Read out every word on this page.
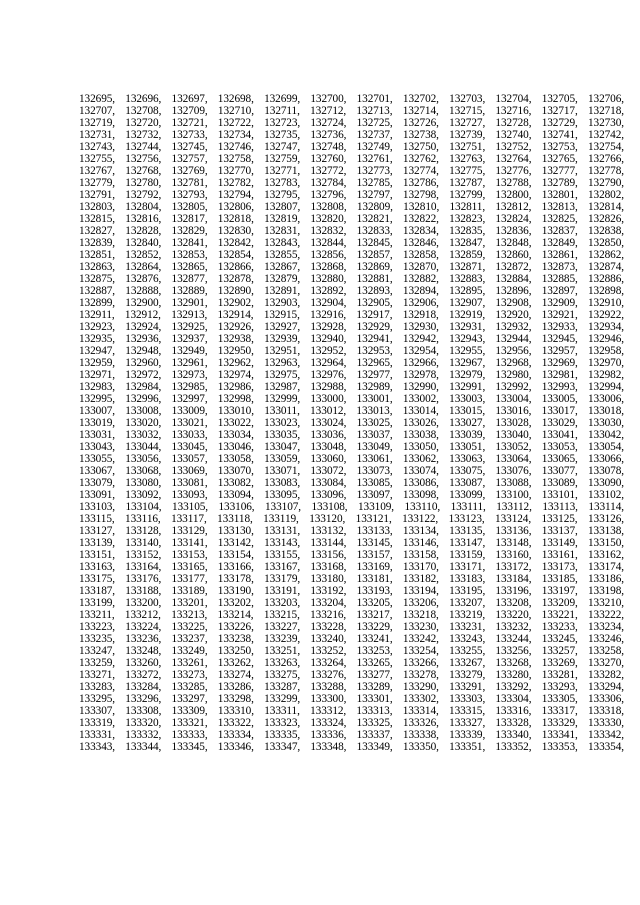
132695, 132696, 132697, 132698, 132699, 132700, 132701, 132702, 132703, 132704, 132705, 132706,
132707, 132708, 132709, 132710, 132711, 132712, 132713, 132714, 132715, 132716, 132717, 132718,
132719, 132720, 132721, 132722, 132723, 132724, 132725, 132726, 132727, 132728, 132729, 132730,
132731, 132732, 132733, 132734, 132735, 132736, 132737, 132738, 132739, 132740, 132741, 132742,
132743, 132744, 132745, 132746, 132747, 132748, 132749, 132750, 132751, 132752, 132753, 132754,
132755, 132756, 132757, 132758, 132759, 132760, 132761, 132762, 132763, 132764, 132765, 132766,
132767, 132768, 132769, 132770, 132771, 132772, 132773, 132774, 132775, 132776, 132777, 132778,
132779, 132780, 132781, 132782, 132783, 132784, 132785, 132786, 132787, 132788, 132789, 132790,
132791, 132792, 132793, 132794, 132795, 132796, 132797, 132798, 132799, 132800, 132801, 132802,
132803, 132804, 132805, 132806, 132807, 132808, 132809, 132810, 132811, 132812, 132813, 132814,
132815, 132816, 132817, 132818, 132819, 132820, 132821, 132822, 132823, 132824, 132825, 132826,
132827, 132828, 132829, 132830, 132831, 132832, 132833, 132834, 132835, 132836, 132837, 132838,
132839, 132840, 132841, 132842, 132843, 132844, 132845, 132846, 132847, 132848, 132849, 132850,
132851, 132852, 132853, 132854, 132855, 132856, 132857, 132858, 132859, 132860, 132861, 132862,
132863, 132864, 132865, 132866, 132867, 132868, 132869, 132870, 132871, 132872, 132873, 132874,
132875, 132876, 132877, 132878, 132879, 132880, 132881, 132882, 132883, 132884, 132885, 132886,
132887, 132888, 132889, 132890, 132891, 132892, 132893, 132894, 132895, 132896, 132897, 132898,
132899, 132900, 132901, 132902, 132903, 132904, 132905, 132906, 132907, 132908, 132909, 132910,
132911, 132912, 132913, 132914, 132915, 132916, 132917, 132918, 132919, 132920, 132921, 132922,
132923, 132924, 132925, 132926, 132927, 132928, 132929, 132930, 132931, 132932, 132933, 132934,
132935, 132936, 132937, 132938, 132939, 132940, 132941, 132942, 132943, 132944, 132945, 132946,
132947, 132948, 132949, 132950, 132951, 132952, 132953, 132954, 132955, 132956, 132957, 132958,
132959, 132960, 132961, 132962, 132963, 132964, 132965, 132966, 132967, 132968, 132969, 132970,
132971, 132972, 132973, 132974, 132975, 132976, 132977, 132978, 132979, 132980, 132981, 132982,
132983, 132984, 132985, 132986, 132987, 132988, 132989, 132990, 132991, 132992, 132993, 132994,
132995, 132996, 132997, 132998, 132999, 133000, 133001, 133002, 133003, 133004, 133005, 133006,
133007, 133008, 133009, 133010, 133011, 133012, 133013, 133014, 133015, 133016, 133017, 133018,
133019, 133020, 133021, 133022, 133023, 133024, 133025, 133026, 133027, 133028, 133029, 133030,
133031, 133032, 133033, 133034, 133035, 133036, 133037, 133038, 133039, 133040, 133041, 133042,
133043, 133044, 133045, 133046, 133047, 133048, 133049, 133050, 133051, 133052, 133053, 133054,
133055, 133056, 133057, 133058, 133059, 133060, 133061, 133062, 133063, 133064, 133065, 133066,
133067, 133068, 133069, 133070, 133071, 133072, 133073, 133074, 133075, 133076, 133077, 133078,
133079, 133080, 133081, 133082, 133083, 133084, 133085, 133086, 133087, 133088, 133089, 133090,
133091, 133092, 133093, 133094, 133095, 133096, 133097, 133098, 133099, 133100, 133101, 133102,
133103, 133104, 133105, 133106, 133107, 133108, 133109, 133110, 133111, 133112, 133113, 133114,
133115, 133116, 133117, 133118, 133119, 133120, 133121, 133122, 133123, 133124, 133125, 133126,
133127, 133128, 133129, 133130, 133131, 133132, 133133, 133134, 133135, 133136, 133137, 133138,
133139, 133140, 133141, 133142, 133143, 133144, 133145, 133146, 133147, 133148, 133149, 133150,
133151, 133152, 133153, 133154, 133155, 133156, 133157, 133158, 133159, 133160, 133161, 133162,
133163, 133164, 133165, 133166, 133167, 133168, 133169, 133170, 133171, 133172, 133173, 133174,
133175, 133176, 133177, 133178, 133179, 133180, 133181, 133182, 133183, 133184, 133185, 133186,
133187, 133188, 133189, 133190, 133191, 133192, 133193, 133194, 133195, 133196, 133197, 133198,
133199, 133200, 133201, 133202, 133203, 133204, 133205, 133206, 133207, 133208, 133209, 133210,
133211, 133212, 133213, 133214, 133215, 133216, 133217, 133218, 133219, 133220, 133221, 133222,
133223, 133224, 133225, 133226, 133227, 133228, 133229, 133230, 133231, 133232, 133233, 133234,
133235, 133236, 133237, 133238, 133239, 133240, 133241, 133242, 133243, 133244, 133245, 133246,
133247, 133248, 133249, 133250, 133251, 133252, 133253, 133254, 133255, 133256, 133257, 133258,
133259, 133260, 133261, 133262, 133263, 133264, 133265, 133266, 133267, 133268, 133269, 133270,
133271, 133272, 133273, 133274, 133275, 133276, 133277, 133278, 133279, 133280, 133281, 133282,
133283, 133284, 133285, 133286, 133287, 133288, 133289, 133290, 133291, 133292, 133293, 133294,
133295, 133296, 133297, 133298, 133299, 133300, 133301, 133302, 133303, 133304, 133305, 133306,
133307, 133308, 133309, 133310, 133311, 133312, 133313, 133314, 133315, 133316, 133317, 133318,
133319, 133320, 133321, 133322, 133323, 133324, 133325, 133326, 133327, 133328, 133329, 133330,
133331, 133332, 133333, 133334, 133335, 133336, 133337, 133338, 133339, 133340, 133341, 133342,
133343, 133344, 133345, 133346, 133347, 133348, 133349, 133350, 133351, 133352, 133353, 133354,
